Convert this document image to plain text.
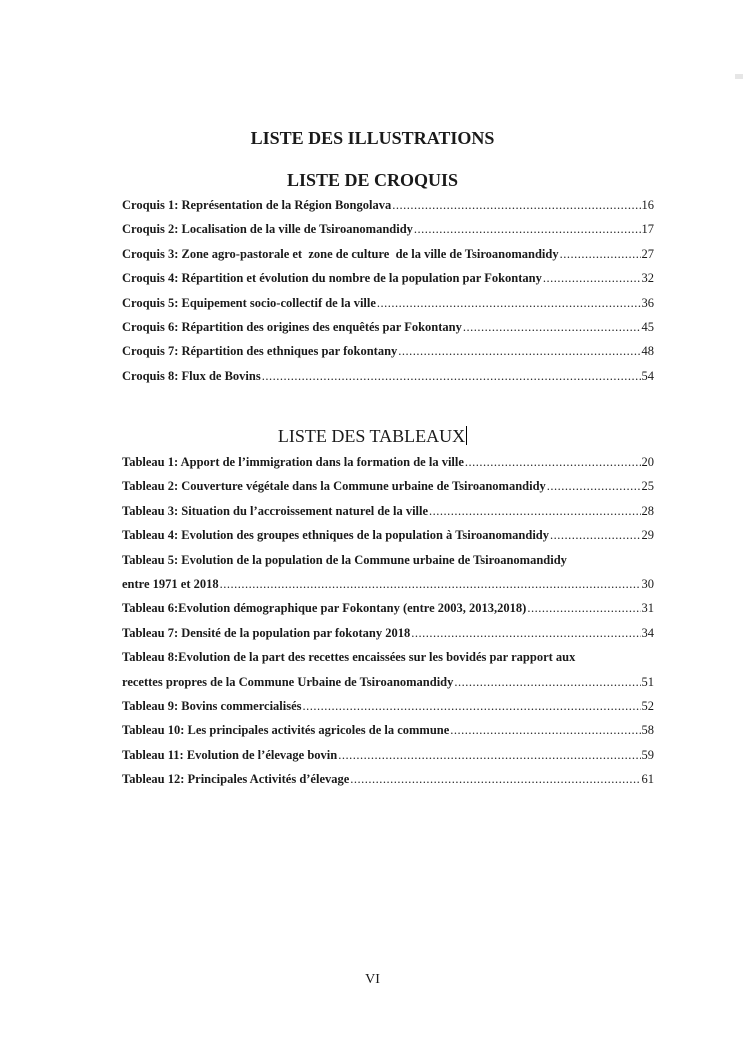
LISTE DES ILLUSTRATIONS
LISTE DE CROQUIS
Croquis 1: Représentation de la Région Bongolava .....	16
Croquis 2: Localisation de la ville de Tsiroanomandidy .....	17
Croquis 3: Zone agro-pastorale et  zone de culture  de la ville de Tsiroanomandidy .....	27
Croquis 4: Répartition et évolution du nombre de la population par Fokontany .....	32
Croquis 5: Equipement socio-collectif de la ville .....	36
Croquis 6: Répartition des origines des enquêtés par Fokontany .....	45
Croquis 7: Répartition des ethniques par fokontany .....	48
Croquis 8: Flux de Bovins .....	54
LISTE DES TABLEAUX
Tableau 1: Apport de l’immigration dans la formation de la ville .....	20
Tableau 2: Couverture végétale dans la Commune urbaine de Tsiroanomandidy .....	25
Tableau 3: Situation du l’accroissement naturel de la ville .....	28
Tableau 4: Evolution des groupes ethniques de la population à Tsiroanomandidy .....	29
Tableau 5: Evolution de la population de la Commune urbaine de Tsiroanomandidy
entre 1971 et 2018 .....	30
Tableau 6:Evolution démographique par Fokontany (entre 2003, 2013,2018) .....	31
Tableau 7: Densité de la population par fokotany 2018 .....	34
Tableau 8:Evolution de la part des recettes encaissées sur les bovidés par rapport aux
recettes propres de la Commune Urbaine de Tsiroanomandidy .....	51
Tableau 9: Bovins commercialisés .....	52
Tableau 10: Les principales activités agricoles de la commune .....	58
Tableau 11: Evolution de l’élevage bovin .....	59
Tableau 12: Principales Activités d’élevage .....	61
VI
